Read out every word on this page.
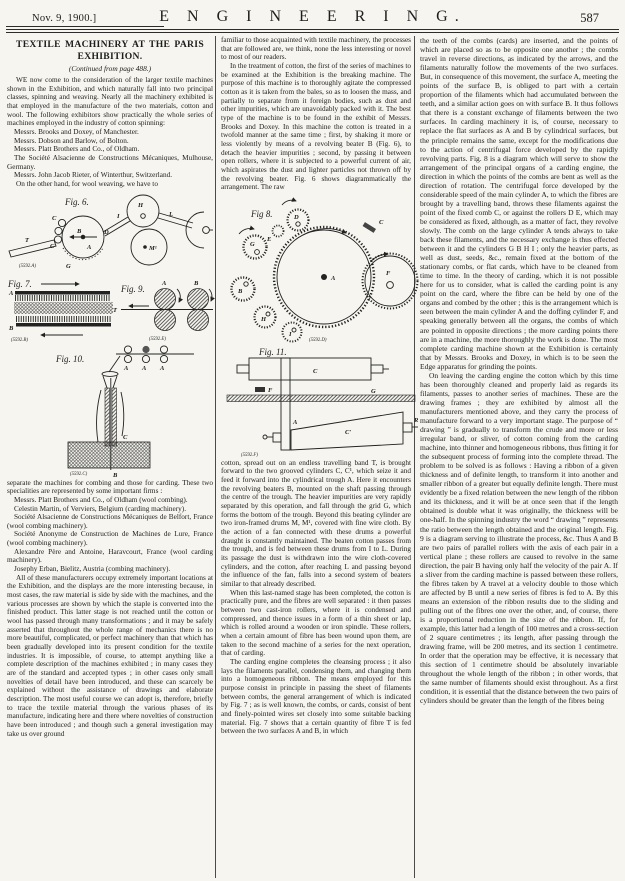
Nov. 9, 1900.]	E N G I N E E R I N G.	587
TEXTILE MACHINERY AT THE PARIS EXHIBITION.
(Continued from page 488.)

WE now come to the consideration of the larger textile machines shown in the Exhibition, and which naturally fall into two principal classes, spinning and weaving. Nearly all the machinery exhibited is that employed in the manufacture of the two materials, cotton and wool. The following exhibitors show practically the whole series of machines employed in the industry of cotton spinning:

Messrs. Brooks and Doxey, of Manchester.

Messrs. Dobson and Barlow, of Bolton.

Messrs. Platt Brothers and Co., of Oldham.

The Société Alsacienne de Constructions Mécaniques, Mulhouse, Germany.

Messrs. John Jacob Rieter, of Winterthur, Switzerland.

On the other hand, for wool weaving, we have to

Fig. 6.
T
C
C
B	D
A
G
H
M¹
I	L
(5592.A)
Fig. 7.
A
B
T
(5592.B)
Fig. 9.
A	B
(5592.E)
Fig. 10.
A A A
C
B
(5592.C)

separate the machines for combing and those for carding. These two specialities are represented by some important firms :

Messrs. Platt Brothers and Co., of Oldham (wool combing).

Celestin Martin, of Verviers, Belgium (carding machinery).

Société Alsacienne de Constructions Mécaniques de Belfort, France (wool combing machinery).

Société Anonyme de Construction de Machines de Lure, France (wool combing machinery).

Alexandre Père and Antoine, Haravcourt, France (wool carding machinery).

Josephy Erban, Bielitz, Austria (combing machinery).

All of these manufacturers occupy extremely important locations at the Exhibition, and the displays are the more interesting because, in most cases, the raw material is side by side with the machines, and the various processes are shown by which the staple is converted into the finished product. This latter stage is not reached until the cotton or wool has passed through many transformations ; and it may be safely asserted that throughout the whole range of mechanics there is no more beautiful, complicated, or perfect machinery than that which has been gradually developed into its present condition for the textile industries. It is impossible, of course, to attempt anything like a complete description of the machines exhibited ; in many cases they are of the standard and accepted types ; in other cases only small novelties of detail have been introduced, and these can scarcely be explained without the assistance of drawings and elaborate description. The most useful course we can adopt is, therefore, briefly to trace the textile material through the various phases of its manufacture, indicating here and there where novelties of construction have been introduced ; and though such a general investigation may take us over ground

familiar to those acquainted with textile machinery, the processes that are followed are, we think, none the less interesting or novel to most of our readers.

In the treatment of cotton, the first of the series of machines to be examined at the Exhibition is the breaking machine. The purpose of this machine is to thoroughly agitate the compressed cotton as it is taken from the bales, so as to loosen the mass, and partially to separate from it foreign bodies, such as dust and other impurities, which are unavoidably packed with it. The best type of the machine is to be found in the exhibit of Messrs. Brooks and Doxey. In this machine the cotton is treated in a twofold manner at the same time ; first, by shaking it more or less violently by means of a revolving beater B (Fig. 6), to detach the heavier impurities ; second, by passing it between open rollers, where it is subjected to a powerful current of air, which aspirates the dust and lighter particles not thrown off by the revolving beater. Fig. 6 shows diagrammatically the arrangement. The raw

Fig 8.
A
F
G
E
D
C
B
H
I
(5592.D)
Fig. 11.
C
F	G
A
C′
R
(5592.F)

cotton, spread out on an endless travelling band T, is brought forward to the two grooved cylinders C, C¹, which seize it and feed it forward into the cylindrical trough A. Here it encounters the revolving beaters B, mounted on the shaft passing through the centre of the trough. The heavier impurities are very rapidly separated by this operation, and fall through the grid G, which forms the bottom of the trough. Beyond this beating cylinder are two iron-framed drums M, M¹, covered with fine wire cloth. By the action of a fan connected with these drums a powerful draught is constantly maintained. The beaten cotton passes from the trough, and is fed between these drums from I to L. During its passage the dust is withdrawn into the wire cloth-covered cylinders, and the cotton, after reaching L and passing beyond the influence of the fan, falls into a second system of beaters similar to that already described.

When this last-named stage has been completed, the cotton is practically pure, and the fibres are well separated : it then passes between two cast-iron rollers, where it is condensed and compressed, and thence issues in a form of a thin sheet or lap, which is rolled around a wooden or iron spindle. These rollers, when a certain amount of fibre has been wound upon them, are taken to the second machine of a series for the next operation, that of carding.

The carding engine completes the cleansing process ; it also lays the filaments parallel, condensing them, and changing them into a homogeneous ribbon. The means employed for this purpose consist in principle in passing the sheet of filaments between combs, the general arrangement of which is indicated by Fig. 7 ; as is well known, the combs, or cards, consist of bent and finely-pointed wires set closely into some suitable backing material. Fig. 7 shows that a certain quantity of fibre T is fed between the two surfaces A and B, in which

the teeth of the combs (cards) are inserted, and the points of which are placed so as to be opposite one another ; the combs travel in reverse directions, as indicated by the arrows, and the filaments naturally follow the movements of the two surfaces. But, in consequence of this movement, the surface A, meeting the points of the surface B, is obliged to part with a certain proportion of the filaments which had accumulated between the teeth, and a similar action goes on with surface B. It thus follows that there is a constant exchange of filaments between the two surfaces. In carding machinery it is, of course, necessary to replace the flat surfaces as A and B by cylindrical surfaces, but the principle remains the same, except for the modifications due to the action of centrifugal force developed by the rapidly revolving parts. Fig. 8 is a diagram which will serve to show the arrangement of the principal organs of a carding engine, the direction in which the points of the combs are bent as well as the direction of rotation. The centrifugal force developed by the considerable speed of the main cylinder A, to which the fibres are brought by a travelling band, throws these filaments against the point of the fixed comb C, or against the rollers D E, which may be considered as fixed, although, as a matter of fact, they revolve slowly. The comb on the large cylinder A tends always to take back these filaments, and the necessary exchange is thus effected between it and the cylinders G B H I ; only the heavier parts, as well as dust, seeds, &c., remain fixed at the bottom of the stationary combs, or flat cards, which have to be cleaned from time to time. In the theory of carding, which it is not possible here for us to consider, what is called the carding point is any point on the card, where the fibre can be held by one of the organs and combed by the other ; this is the arrangement which is seen between the main cylinder A and the doffing cylinder F, and speaking generally between all the organs, the combs of which are pointed in opposite directions ; the more carding points there are in a machine, the more thoroughly the work is done. The most complete carding machine shown at the Exhibition is certainly that by Messrs. Brooks and Doxey, in which is to be seen the Edge apparatus for grinding the points.

On leaving the carding engine the cotton which by this time has been thoroughly cleaned and properly laid as regards its filaments, passes to another series of machines. These are the drawing frames ; they are exhibited by almost all the manufacturers mentioned above, and they carry the process of manufacture forward to a very important stage. The purpose of “ drawing ” is gradually to transform the crude and more or less irregular band, or sliver, of cotton coming from the carding machine, into thinner and homogeneous ribbons, thus fitting it for the subsequent process of forming into the complete thread. The problem to be solved is as follows : Having a ribbon of a given thickness and of definite length, to transform it into another and smaller ribbon of a greater but equally definite length. There must evidently be a fixed relation between the new length of the ribbon and its thickness, and it will be at once seen that if the length obtained is double what it was originally, the thickness will be one-half. In the spinning industry the word “ drawing ” represents the ratio between the length obtained and the original length. Fig. 9 is a diagram serving to illustrate the process, &c. Thus A and B are two pairs of parallel rollers with the axis of each pair in a vertical plane ; these rollers are caused to revolve in the same direction, the pair B having only half the velocity of the pair A. If a sliver from the carding machine is passed between these rollers, the fibres taken by A travel at a velocity double to those which are affected by B until a new series of fibres is fed to A. By this means an extension of the ribbon results due to the sliding and pulling out of the fibres one over the other, and, of course, there is a proportional reduction in the size of the ribbon. If, for example, this latter had a length of 100 metres and a cross-section of 2 square centimetres ; its length, after passing through the drawing frame, will be 200 metres, and its section 1 centimetre. In order that the operation may be effective, it is necessary that this section of 1 centimetre should be absolutely invariable throughout the whole length of the ribbon ; in other words, that the same number of filaments should exist throughout. As a first condition, it is essential that the distance between the two pairs of cylinders should be greater than the length of the fibres being
